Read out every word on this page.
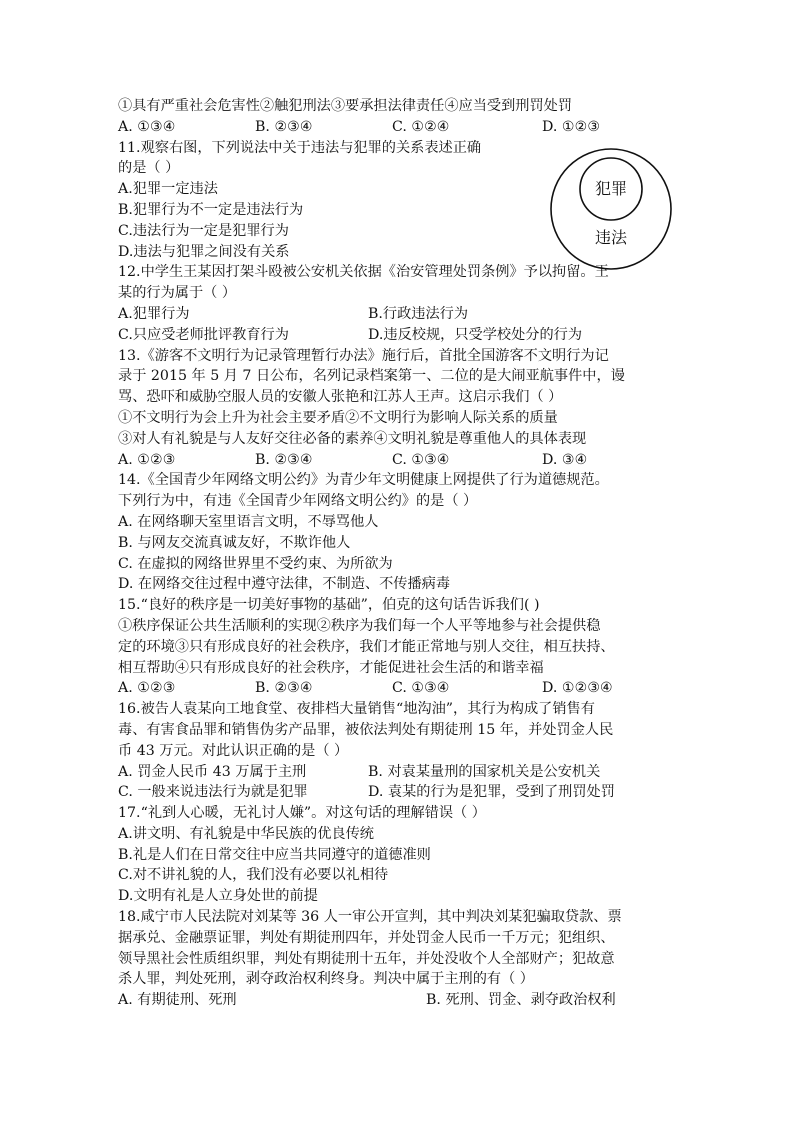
①具有严重社会危害性②触犯刑法③要承担法律责任④应当受到刑罚处罚
A. ①③④	B. ②③④	C. ①②④	D. ①②③
11.观察右图，下列说法中关于违法与犯罪的关系表述正确
的是（ ）
A.犯罪一定违法
B.犯罪行为不一定是违法行为
C.违法行为一定是犯罪行为
D.违法与犯罪之间没有关系
12.中学生王某因打架斗殴被公安机关依据《治安管理处罚条例》予以拘留。王
某的行为属于（ ）
A.犯罪行为	B.行政违法行为
C.只应受老师批评教育行为	D.违反校规，只受学校处分的行为
13.《游客不文明行为记录管理暂行办法》施行后，首批全国游客不文明行为记
录于 2015 年 5 月 7 日公布，名列记录档案第一、二位的是大闹亚航事件中，谩
骂、恐吓和威胁空服人员的安徽人张艳和江苏人王声。这启示我们（ ）
①不文明行为会上升为社会主要矛盾②不文明行为影响人际关系的质量
③对人有礼貌是与人友好交往必备的素养④文明礼貌是尊重他人的具体表现
A. ①②③	B. ②③④	C. ①③④	D. ③④
14.《全国青少年网络文明公约》为青少年文明健康上网提供了行为道德规范。
下列行为中，有违《全国青少年网络文明公约》的是（ ）
A. 在网络聊天室里语言文明，不辱骂他人
B. 与网友交流真诚友好，不欺诈他人
C. 在虚拟的网络世界里不受约束、为所欲为
D. 在网络交往过程中遵守法律，不制造、不传播病毒
15.“良好的秩序是一切美好事物的基础”，伯克的这句话告诉我们( )
①秩序保证公共生活顺利的实现②秩序为我们每一个人平等地参与社会提供稳
定的环境③只有形成良好的社会秩序，我们才能正常地与别人交往，相互扶持、
相互帮助④只有形成良好的社会秩序，才能促进社会生活的和谐幸福
A. ①②③	B. ②③④	C. ①③④	D. ①②③④
16.被告人袁某向工地食堂、夜排档大量销售“地沟油”，其行为构成了销售有
毒、有害食品罪和销售伪劣产品罪，被依法判处有期徒刑 15 年，并处罚金人民
币 43 万元。对此认识正确的是（ ）
A. 罚金人民币 43 万属于主刑	B. 对袁某量刑的国家机关是公安机关
C. 一般来说违法行为就是犯罪	D. 袁某的行为是犯罪，受到了刑罚处罚
17.“礼到人心暖，无礼讨人嫌”。对这句话的理解错误（ ）
A.讲文明、有礼貌是中华民族的优良传统
B.礼是人们在日常交往中应当共同遵守的道德准则
C.对不讲礼貌的人，我们没有必要以礼相待
D.文明有礼是人立身处世的前提
18.咸宁市人民法院对刘某等 36 人一审公开宣判，其中判决刘某犯骗取贷款、票
据承兑、金融票证罪，判处有期徒刑四年，并处罚金人民币一千万元；犯组织、
领导黑社会性质组织罪，判处有期徒刑十五年，并处没收个人全部财产；犯故意
杀人罪，判处死刑，剥夺政治权利终身。判决中属于主刑的有（ ）
A. 有期徒刑、死刑	B. 死刑、罚金、剥夺政治权利
犯罪
违法
